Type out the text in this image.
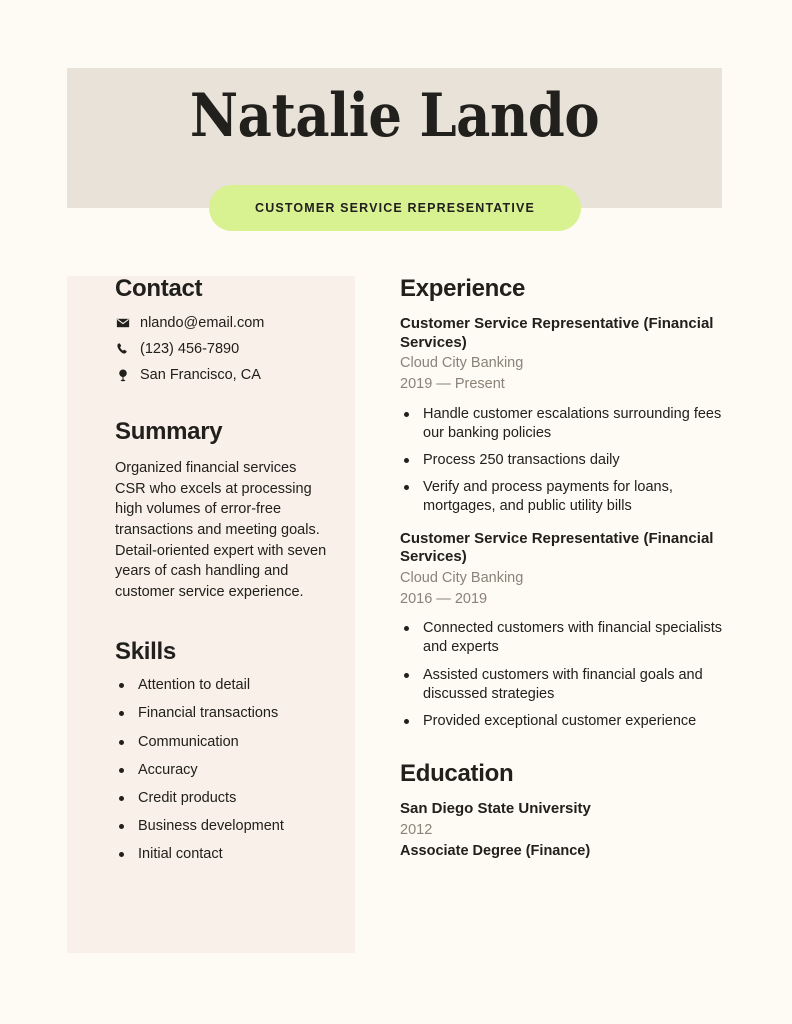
Natalie Lando
CUSTOMER SERVICE REPRESENTATIVE
Contact
nlando@email.com
(123) 456-7890
San Francisco, CA
Summary

Organized financial services CSR who excels at processing high volumes of error-free transactions and meeting goals. Detail-oriented expert with seven years of cash handling and customer service experience.

Skills
Attention to detail
Financial transactions
Communication
Accuracy
Credit products
Business development
Initial contact
Experience
Customer Service Representative (Financial Services)
Cloud City Banking
2019 — Present
Handle customer escalations surrounding fees our banking policies
Process 250 transactions daily
Verify and process payments for loans, mortgages, and public utility bills
Customer Service Representative (Financial Services)
Cloud City Banking
2016 — 2019
Connected customers with financial specialists and experts
Assisted customers with financial goals and discussed strategies
Provided exceptional customer experience
Education
San Diego State University
2012
Associate Degree (Finance)
